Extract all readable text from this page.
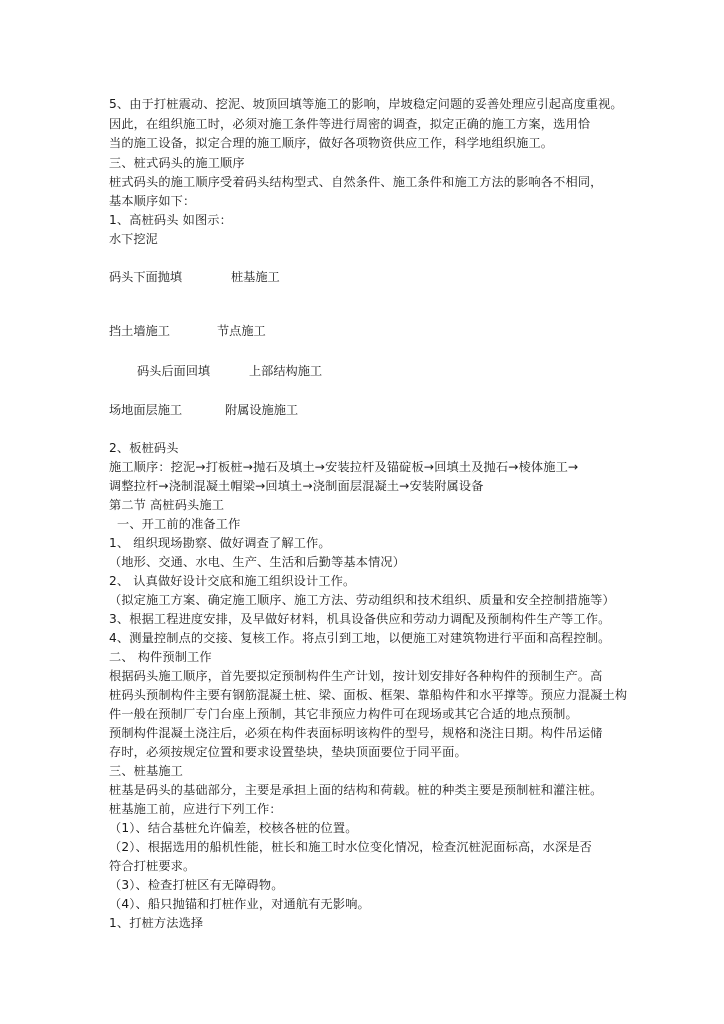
5、由于打桩震动、挖泥、坡顶回填等施工的影响，岸坡稳定问题的妥善处理应引起高度重视。
因此，在组织施工时，必须对施工条件等进行周密的调查，拟定正确的施工方案，选用恰
当的施工设备，拟定合理的施工顺序，做好各项物资供应工作，科学地组织施工。
三、桩式码头的施工顺序
桩式码头的施工顺序受着码头结构型式、自然条件、施工条件和施工方法的影响各不相同，
基本顺序如下：
1、高桩码头 如图示：
水下挖泥
码头下面抛填	桩基施工
挡土墙施工	节点施工
码头后面回填	上部结构施工
场地面层施工	附属设施施工
2、板桩码头
施工顺序：挖泥→打板桩→抛石及填土→安装拉杆及锚碇板→回填土及抛石→棱体施工→
调整拉杆→浇制混凝土帽梁→回填土→浇制面层混凝土→安装附属设备
第二节 高桩码头施工
一、开工前的准备工作
1、 组织现场勘察、做好调查了解工作。
（地形、交通、水电、生产、生活和后勤等基本情况）
2、 认真做好设计交底和施工组织设计工作。
（拟定施工方案、确定施工顺序、施工方法、劳动组织和技术组织、质量和安全控制措施等）
3、根据工程进度安排，及早做好材料，机具设备供应和劳动力调配及预制构件生产等工作。
4、测量控制点的交接、复核工作。将点引到工地，以便施工对建筑物进行平面和高程控制。
二、 构件预制工作
根据码头施工顺序，首先要拟定预制构件生产计划，按计划安排好各种构件的预制生产。高
桩码头预制构件主要有钢筋混凝土桩、梁、面板、框架、靠船构件和水平撑等。预应力混凝土构
件一般在预制厂专门台座上预制，其它非预应力构件可在现场或其它合适的地点预制。
预制构件混凝土浇注后，必须在构件表面标明该构件的型号，规格和浇注日期。构件吊运储
存时，必须按规定位置和要求设置垫块，垫块顶面要位于同平面。
三、桩基施工
桩基是码头的基础部分，主要是承担上面的结构和荷载。桩的种类主要是预制桩和灌注桩。
桩基施工前，应进行下列工作：
（1）、结合基桩允许偏差，校核各桩的位置。
（2）、根据选用的船机性能，桩长和施工时水位变化情况，检查沉桩泥面标高，水深是否
符合打桩要求。
（3）、检查打桩区有无障碍物。
（4）、船只抛锚和打桩作业，对通航有无影响。
1、打桩方法选择
